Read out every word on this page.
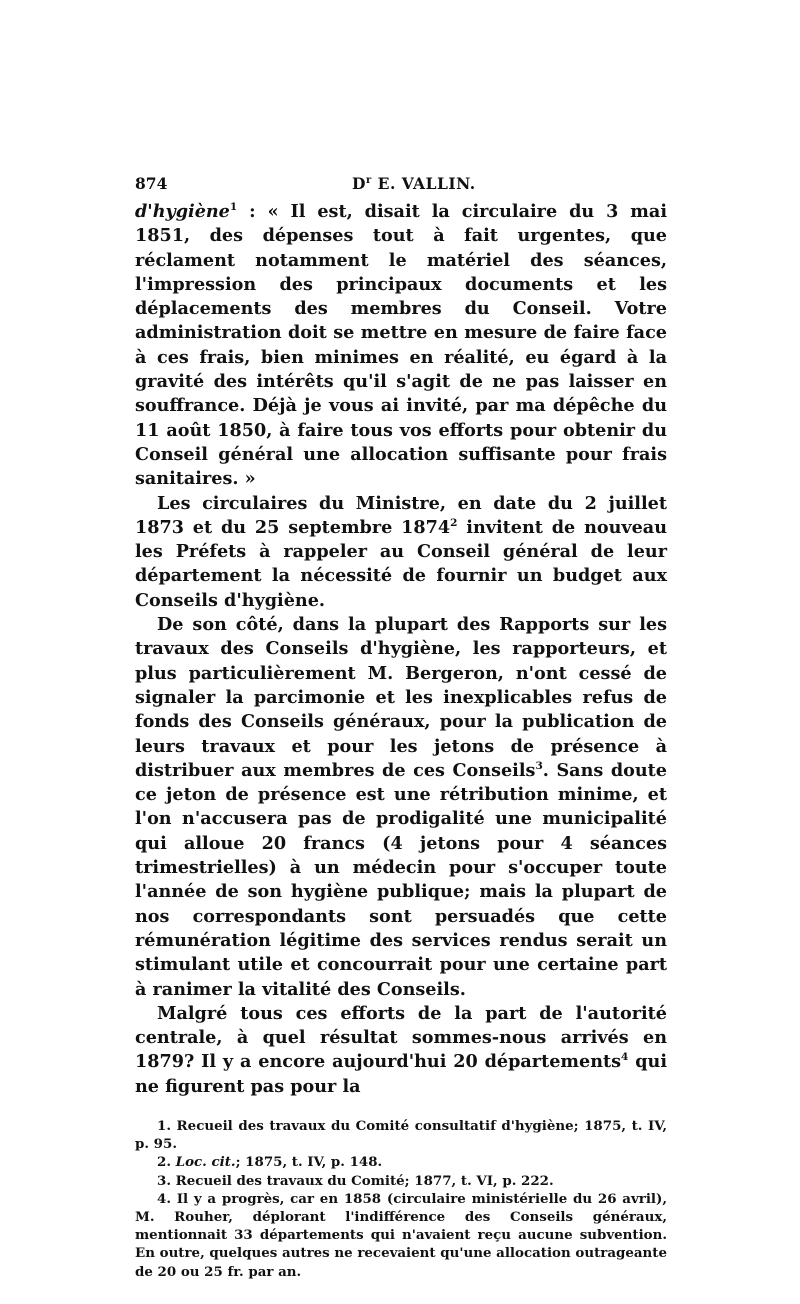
874	$D^r$ E. VALLIN.

d'hygiène$^1$ : « Il est, disait la circulaire du 3 mai 1851, des dépenses tout à fait urgentes, que réclament notamment le matériel des séances, l'impression des principaux documents et les déplacements des membres du Conseil. Votre administration doit se mettre en mesure de faire face à ces frais, bien minimes en réalité, eu égard à la gravité des intérêts qu'il s'agit de ne pas laisser en souffrance. Déjà je vous ai invité, par ma dépêche du 11 août 1850, à faire tous vos efforts pour obtenir du Conseil général une allocation suffisante pour frais sanitaires. »

Les circulaires du Ministre, en date du 2 juillet 1873 et du 25 septembre 1874$^2$ invitent de nouveau les Préfets à rappeler au Conseil général de leur département la nécessité de fournir un budget aux Conseils d'hygiène.

De son côté, dans la plupart des Rapports sur les travaux des Conseils d'hygiène, les rapporteurs, et plus particulièrement M. Bergeron, n'ont cessé de signaler la parcimonie et les inexplicables refus de fonds des Conseils généraux, pour la publication de leurs travaux et pour les jetons de présence à distribuer aux membres de ces Conseils$^3$. Sans doute ce jeton de présence est une rétribution minime, et l'on n'accusera pas de prodigalité une municipalité qui alloue 20 francs (4 jetons pour 4 séances trimestrielles) à un médecin pour s'occuper toute l'année de son hygiène publique; mais la plupart de nos correspondants sont persuadés que cette rémunération légitime des services rendus serait un stimulant utile et concourrait pour une certaine part à ranimer la vitalité des Conseils.

Malgré tous ces efforts de la part de l'autorité centrale, à quel résultat sommes-nous arrivés en 1879? Il y a encore aujourd'hui 20 départements$^4$ qui ne figurent pas pour la

1. Recueil des travaux du Comité consultatif d'hygiène; 1875, t. IV, p. 95.

2. Loc. cit.; 1875, t. IV, p. 148.

3. Recueil des travaux du Comité; 1877, t. VI, p. 222.

4. Il y a progrès, car en 1858 (circulaire ministérielle du 26 avril), M. Rouher, déplorant l'indifférence des Conseils généraux, mentionnait 33 départements qui n'avaient reçu aucune subvention. En outre, quelques autres ne recevaient qu'une allocation outrageante de 20 ou 25 fr. par an.
